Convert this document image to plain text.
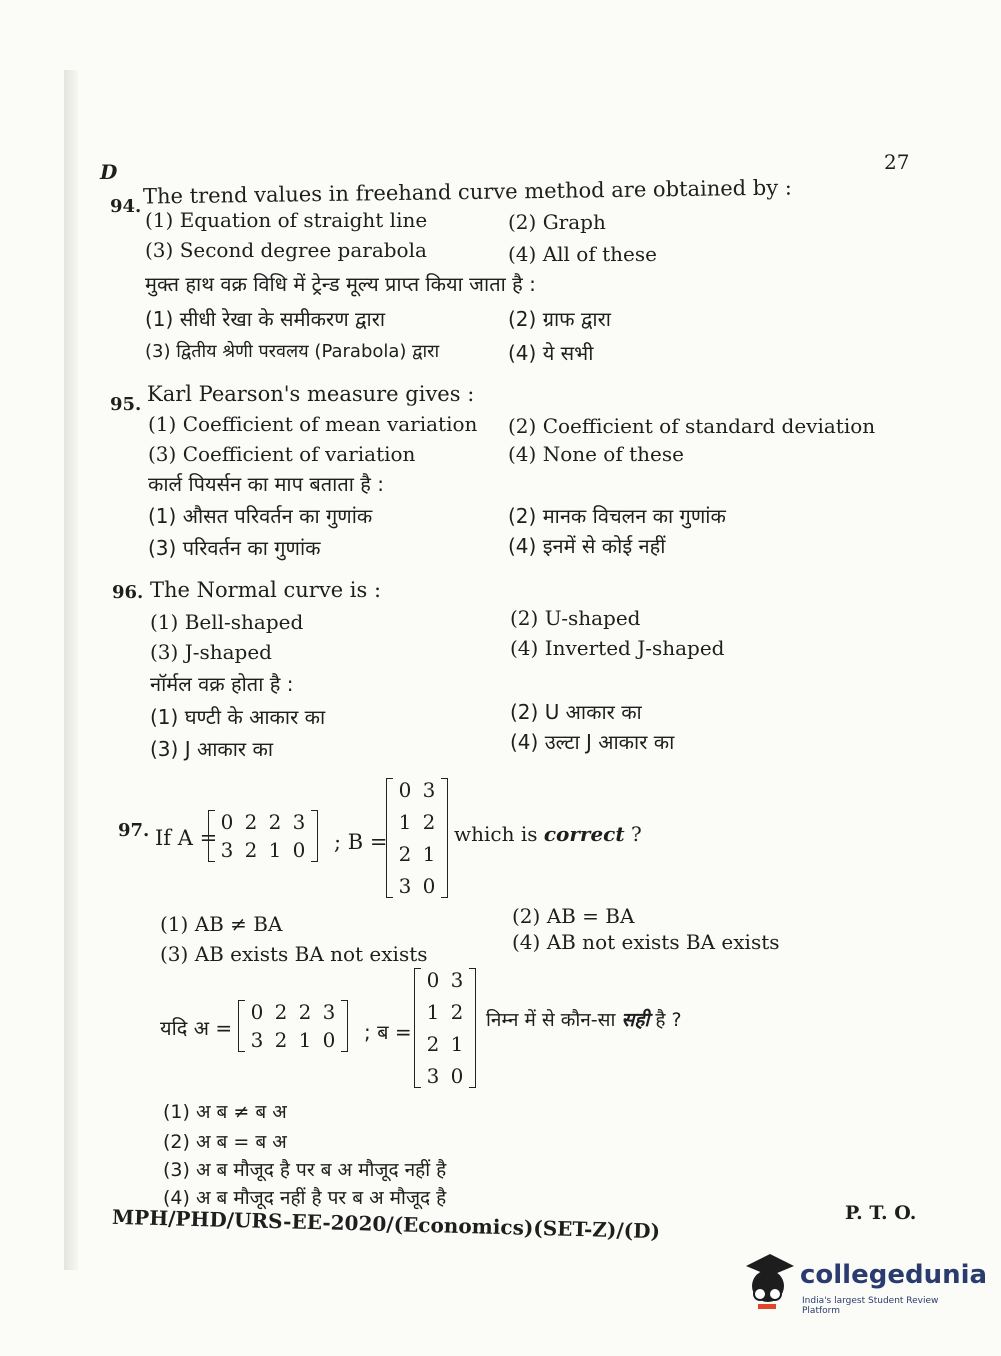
D	27
94. The trend values in freehand curve method are obtained by :
(1) Equation of straight line	(2) Graph
(3) Second degree parabola	(4) All of these
मुक्त हाथ वक्र विधि में ट्रेन्ड मूल्य प्राप्त किया जाता है :
(1) सीधी रेखा के समीकरण द्वारा	(2) ग्राफ द्वारा
(3) द्वितीय श्रेणी परवलय (Parabola) द्वारा	(4) ये सभी
95. Karl Pearson's measure gives :
(1) Coefficient of mean variation (2) Coefficient of standard deviation
(3) Coefficient of variation	(4) None of these
कार्ल पियर्सन का माप बताता है :
(1) औसत परिवर्तन का गुणांक	(2) मानक विचलन का गुणांक
(3) परिवर्तन का गुणांक	(4) इनमें से कोई नहीं
96. The Normal curve is :
(1) Bell-shaped	(2) U-shaped
(3) J-shaped	(4) Inverted J-shaped
नॉर्मल वक्र होता है :
(1) घण्टी के आकार का	(2) U आकार का
(3) J आकार का	(4) उल्टा J आकार का
97. If A =
0 2 2 3
3 2 1 0 ; B =
0 3
1 2
2 1
3 0
which is correct ?
(1) AB ≠ BA	(2) AB = BA
(3) AB exists BA not exists	(4) AB not exists BA exists
यदि अ =
0 2 2 3
3 2 1 0 ; ब =
0 3
1 2
2 1
3 0
निम्न में से कौन-सा सही है ?
(1) अ ब ≠ ब अ
(2) अ ब = ब अ
(3) अ ब मौजूद है पर ब अ मौजूद नहीं है
(4) अ ब मौजूद नहीं है पर ब अ मौजूद है
MPH/PHD/URS-EE-2020/(Economics)(SET-Z)/(D)	P. T. O.
collegedunia
India's largest Student Review Platform
